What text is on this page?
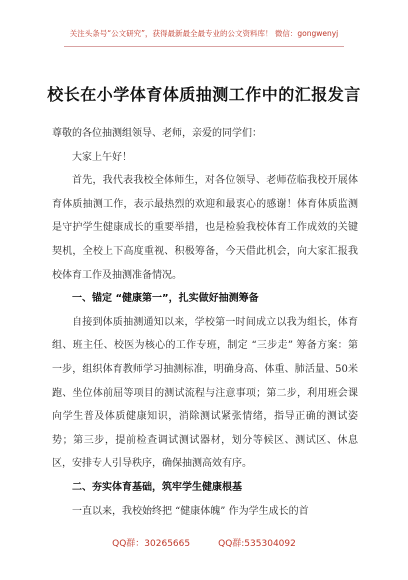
关注头条号“公文研究”，获得最新最全最专业的公文资料库！ 微信：gongwenyj
校长在小学体育体质抽测工作中的汇报发言

尊敬的各位抽测组领导、老师，亲爱的同学们：

大家上午好！

首先，我代表我校全体师生，对各位领导、老师莅临我校开展体育体质抽测工作，表示最热烈的欢迎和最衷心的感谢！体育体质监测是守护学生健康成长的重要举措，也是检验我校体育工作成效的关键契机，全校上下高度重视、积极筹备，今天借此机会，向大家汇报我校体育工作及抽测准备情况。

一、锚定 “健康第一”，扎实做好抽测筹备

自接到体质抽测通知以来，学校第一时间成立以我为组长，体育组、班主任、校医为核心的工作专班，制定 “三步走” 筹备方案：第一步，组织体育教师学习抽测标准，明确身高、体重、肺活量、50米跑、坐位体前屈等项目的测试流程与注意事项；第二步，利用班会课向学生普及体质健康知识，消除测试紧张情绪，指导正确的测试姿势；第三步，提前检查调试测试器材，划分等候区、测试区、休息区，安排专人引导秩序，确保抽测高效有序。

二、夯实体育基础，筑牢学生健康根基

一直以来，我校始终把 “健康体魄” 作为学生成长的首

QQ群：30265665	QQ群:535304092
